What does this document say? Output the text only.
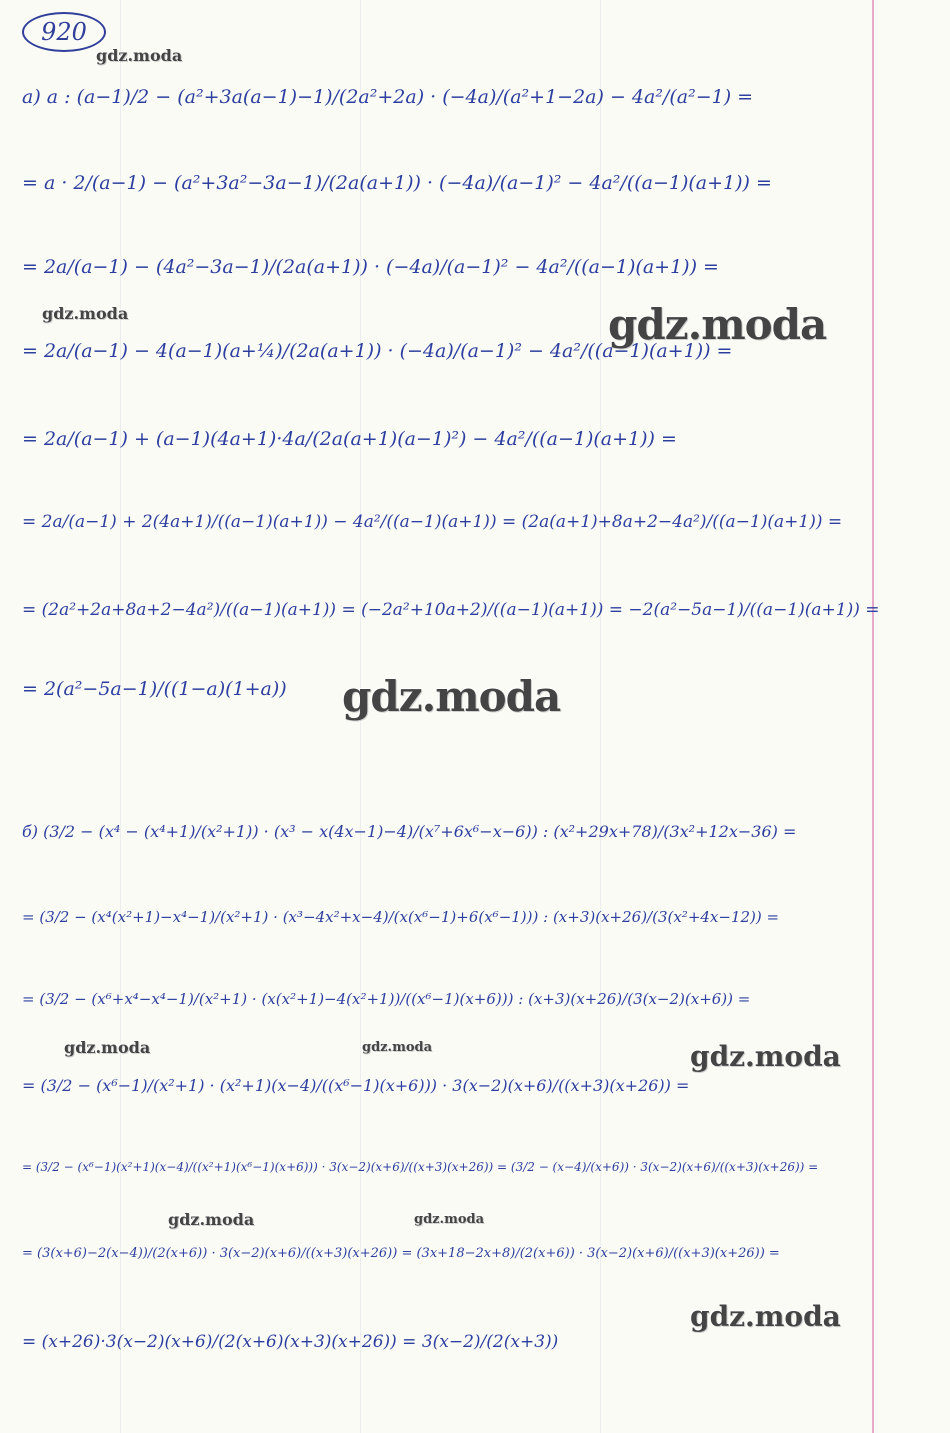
920
а) a : (a−1)/2 − (a²+3a(a−1)−1)/(2a²+2a) · (−4a)/(a²+1−2a) − 4a²/(a²−1) =
= a · 2/(a−1) − (a²+3a²−3a−1)/(2a(a+1)) · (−4a)/(a−1)² − 4a²/((a−1)(a+1)) =
= 2a/(a−1) − (4a²−3a−1)/(2a(a+1)) · (−4a)/(a−1)² − 4a²/((a−1)(a+1)) =
= 2a/(a−1) − 4(a−1)(a+¼)/(2a(a+1)) · (−4a)/(a−1)² − 4a²/((a−1)(a+1)) =
= 2a/(a−1) + (a−1)(4a+1)·4a/(2a(a+1)(a−1)²) − 4a²/((a−1)(a+1)) =
= 2a/(a−1) + 2(4a+1)/((a−1)(a+1)) − 4a²/((a−1)(a+1)) = (2a(a+1)+8a+2−4a²)/((a−1)(a+1)) =
= (2a²+2a+8a+2−4a²)/((a−1)(a+1)) = (−2a²+10a+2)/((a−1)(a+1)) = −2(a²−5a−1)/((a−1)(a+1)) =
= 2(a²−5a−1)/((1−a)(1+a))
б) (3/2 − (x⁴ − (x⁴+1)/(x²+1)) · (x³ − x(4x−1)−4)/(x⁷+6x⁶−x−6)) : (x²+29x+78)/(3x²+12x−36) =
= (3/2 − (x⁴(x²+1)−x⁴−1)/(x²+1) · (x³−4x²+x−4)/(x(x⁶−1)+6(x⁶−1))) : (x+3)(x+26)/(3(x²+4x−12)) =
= (3/2 − (x⁶+x⁴−x⁴−1)/(x²+1) · (x(x²+1)−4(x²+1))/((x⁶−1)(x+6))) : (x+3)(x+26)/(3(x−2)(x+6)) =
= (3/2 − (x⁶−1)/(x²+1) · (x²+1)(x−4)/((x⁶−1)(x+6))) · 3(x−2)(x+6)/((x+3)(x+26)) =
= (3/2 − (x⁶−1)(x²+1)(x−4)/((x²+1)(x⁶−1)(x+6))) · 3(x−2)(x+6)/((x+3)(x+26)) = (3/2 − (x−4)/(x+6)) · 3(x−2)(x+6)/((x+3)(x+26)) =
= (3(x+6)−2(x−4))/(2(x+6)) · 3(x−2)(x+6)/((x+3)(x+26)) = (3x+18−2x+8)/(2(x+6)) · 3(x−2)(x+6)/((x+3)(x+26)) =
= (x+26)·3(x−2)(x+6)/(2(x+6)(x+3)(x+26)) = 3(x−2)/(2(x+3))
gdz.moda
gdz.moda	gdz.moda
gdz.moda
gdz.moda	gdz.moda	gdz.moda
gdz.moda	gdz.moda
gdz.moda
